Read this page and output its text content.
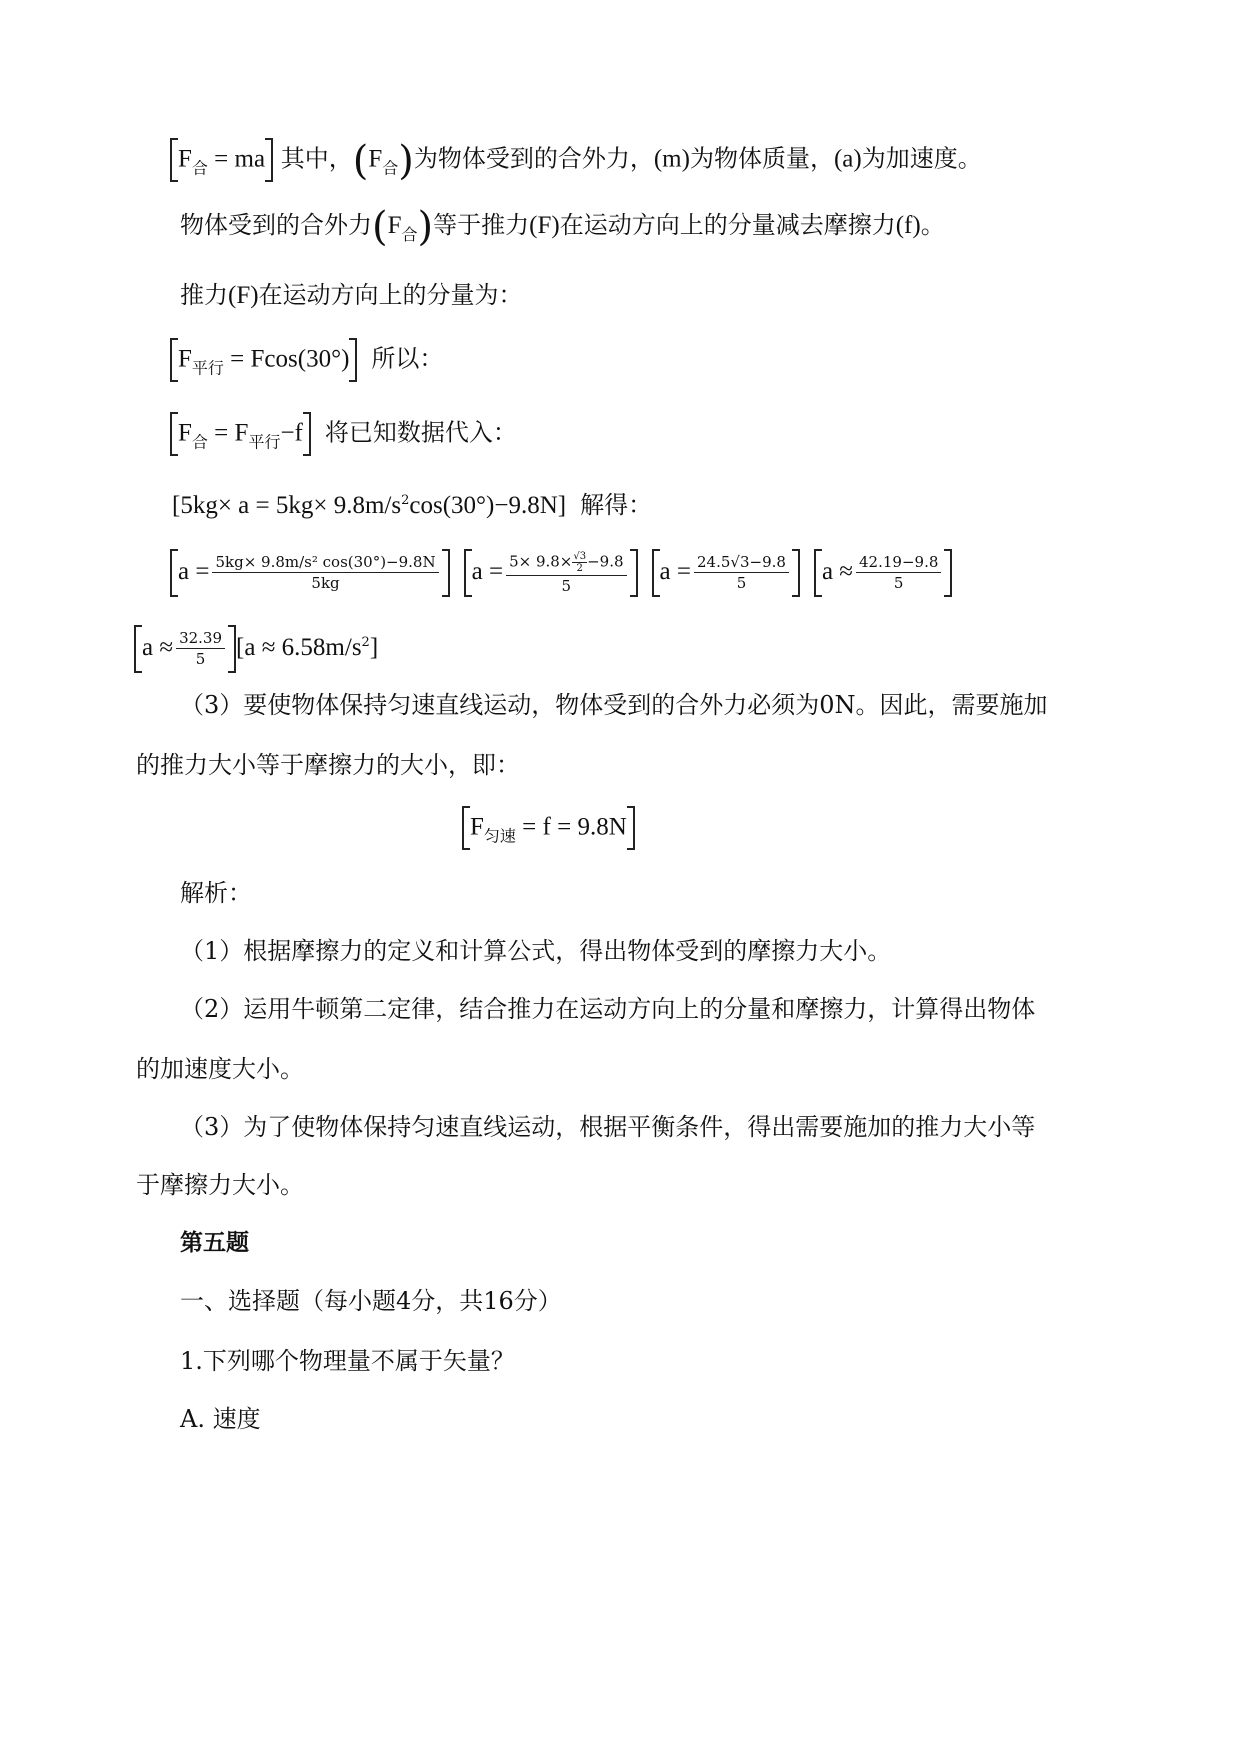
$F_合$ = ma 其中，$(F_合)$为物体受到的合外力，(m)为物体质量，(a)为加速度。
物体受到的合外力$(F_合)$等于推力(F)在运动方向上的分量减去摩擦力(f)。
推力(F)在运动方向上的分量为：
$F_{平行} = Fcos(30^\circ)$ 所以：
$F_合 = F_{平行}-f$ 将已知数据代入：
$[5kg\times a = 5kg\times 9.8m/s^2\cos(30^\circ)-9.8N]$ 解得：
$a = \frac{\text{5kg× 9.8m/s² cos(30°)−9.8N}}{5kg}$ $a = \frac{5\times 9.8\times \frac{√3}{2} -9.8}{5}$ $a = \frac{24.5√3-9.8}{5}$ $a \approx \frac{42.19-9.8}{5}$
$a \approx \frac{32.39}{5} [a \approx 6.58m/s^2]$
（3）要使物体保持匀速直线运动，物体受到的合外力必须为0N。因此，需要施加
的推力大小等于摩擦力的大小，即：
$F_{匀速} = f = 9.8N$
解析：
（1）根据摩擦力的定义和计算公式，得出物体受到的摩擦力大小。
（2）运用牛顿第二定律，结合推力在运动方向上的分量和摩擦力，计算得出物体
的加速度大小。
（3）为了使物体保持匀速直线运动，根据平衡条件，得出需要施加的推力大小等
于摩擦力大小。
第五题
一、选择题（每小题4分，共16分）
1.下列哪个物理量不属于矢量？
A. 速度
